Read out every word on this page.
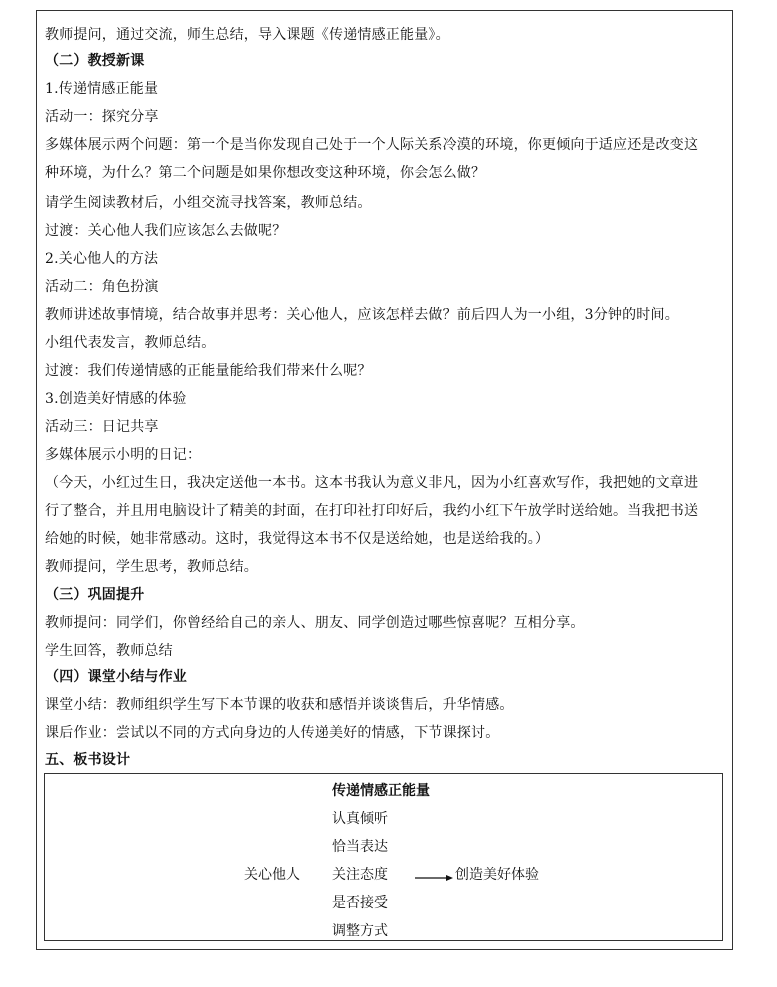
教师提问，通过交流，师生总结，导入课题《传递情感正能量》。
（二）教授新课
1.传递情感正能量
活动一：探究分享
多媒体展示两个问题：第一个是当你发现自己处于一个人际关系冷漠的环境，你更倾向于适应还是改变这
种环境，为什么？第二个问题是如果你想改变这种环境，你会怎么做？
请学生阅读教材后，小组交流寻找答案，教师总结。
过渡：关心他人我们应该怎么去做呢？
2.关心他人的方法
活动二：角色扮演
教师讲述故事情境，结合故事并思考：关心他人，应该怎样去做？前后四人为一小组，3分钟的时间。
小组代表发言，教师总结。
过渡：我们传递情感的正能量能给我们带来什么呢？
3.创造美好情感的体验
活动三：日记共享
多媒体展示小明的日记：
（今天，小红过生日，我决定送他一本书。这本书我认为意义非凡，因为小红喜欢写作，我把她的文章进
行了整合，并且用电脑设计了精美的封面，在打印社打印好后，我约小红下午放学时送给她。当我把书送
给她的时候，她非常感动。这时，我觉得这本书不仅是送给她，也是送给我的。）
教师提问，学生思考，教师总结。
（三）巩固提升
教师提问：同学们，你曾经给自己的亲人、朋友、同学创造过哪些惊喜呢？互相分享。
学生回答，教师总结
（四）课堂小结与作业
课堂小结：教师组织学生写下本节课的收获和感悟并谈谈售后，升华情感。
课后作业：尝试以不同的方式向身边的人传递美好的情感，下节课探讨。
五、板书设计
传递情感正能量
认真倾听
恰当表达
关心他人 关注态度	创造美好体验
是否接受
调整方式
